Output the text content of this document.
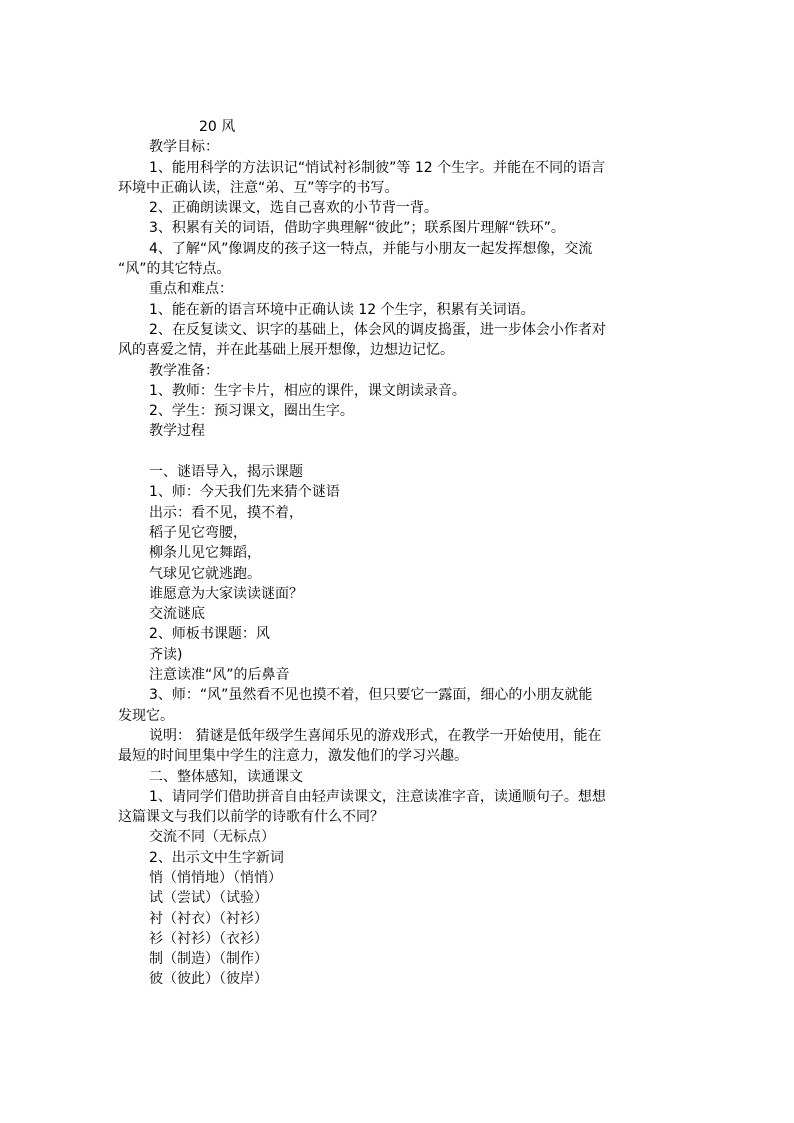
20 风
教学目标：
1、能用科学的方法识记“悄试衬衫制彼”等 12 个生字。并能在不同的语言
环境中正确认读，注意“弟、互”等字的书写。
2、正确朗读课文，选自己喜欢的小节背一背。
3、积累有关的词语，借助字典理解“彼此”；联系图片理解“铁环”。
4、了解“风”像调皮的孩子这一特点，并能与小朋友一起发挥想像，交流
“风”的其它特点。
重点和难点：
1、能在新的语言环境中正确认读 12 个生字，积累有关词语。
2、在反复读文、识字的基础上，体会风的调皮捣蛋，进一步体会小作者对
风的喜爱之情，并在此基础上展开想像，边想边记忆。
教学准备：
1、教师：生字卡片，相应的课件，课文朗读录音。
2、学生：预习课文，圈出生字。
教学过程
一、谜语导入，揭示课题
1、师：今天我们先来猜个谜语
出示：看不见，摸不着，
稻子见它弯腰，
柳条儿见它舞蹈，
气球见它就逃跑。
谁愿意为大家读读谜面？
交流谜底
2、师板书课题：风
齐读)
注意读准“风”的后鼻音
3、师：“风”虽然看不见也摸不着，但只要它一露面，细心的小朋友就能
发现它。
说明： 猜谜是低年级学生喜闻乐见的游戏形式，在教学一开始使用，能在
最短的时间里集中学生的注意力，激发他们的学习兴趣。
二、整体感知，读通课文
1、请同学们借助拼音自由轻声读课文，注意读准字音，读通顺句子。想想
这篇课文与我们以前学的诗歌有什么不同？
交流不同（无标点）
2、出示文中生字新词
悄（悄悄地）（悄悄）
试（尝试）（试验）
衬（衬衣）（衬衫）
衫（衬衫）（衣衫）
制（制造）（制作）
彼（彼此）（彼岸）
